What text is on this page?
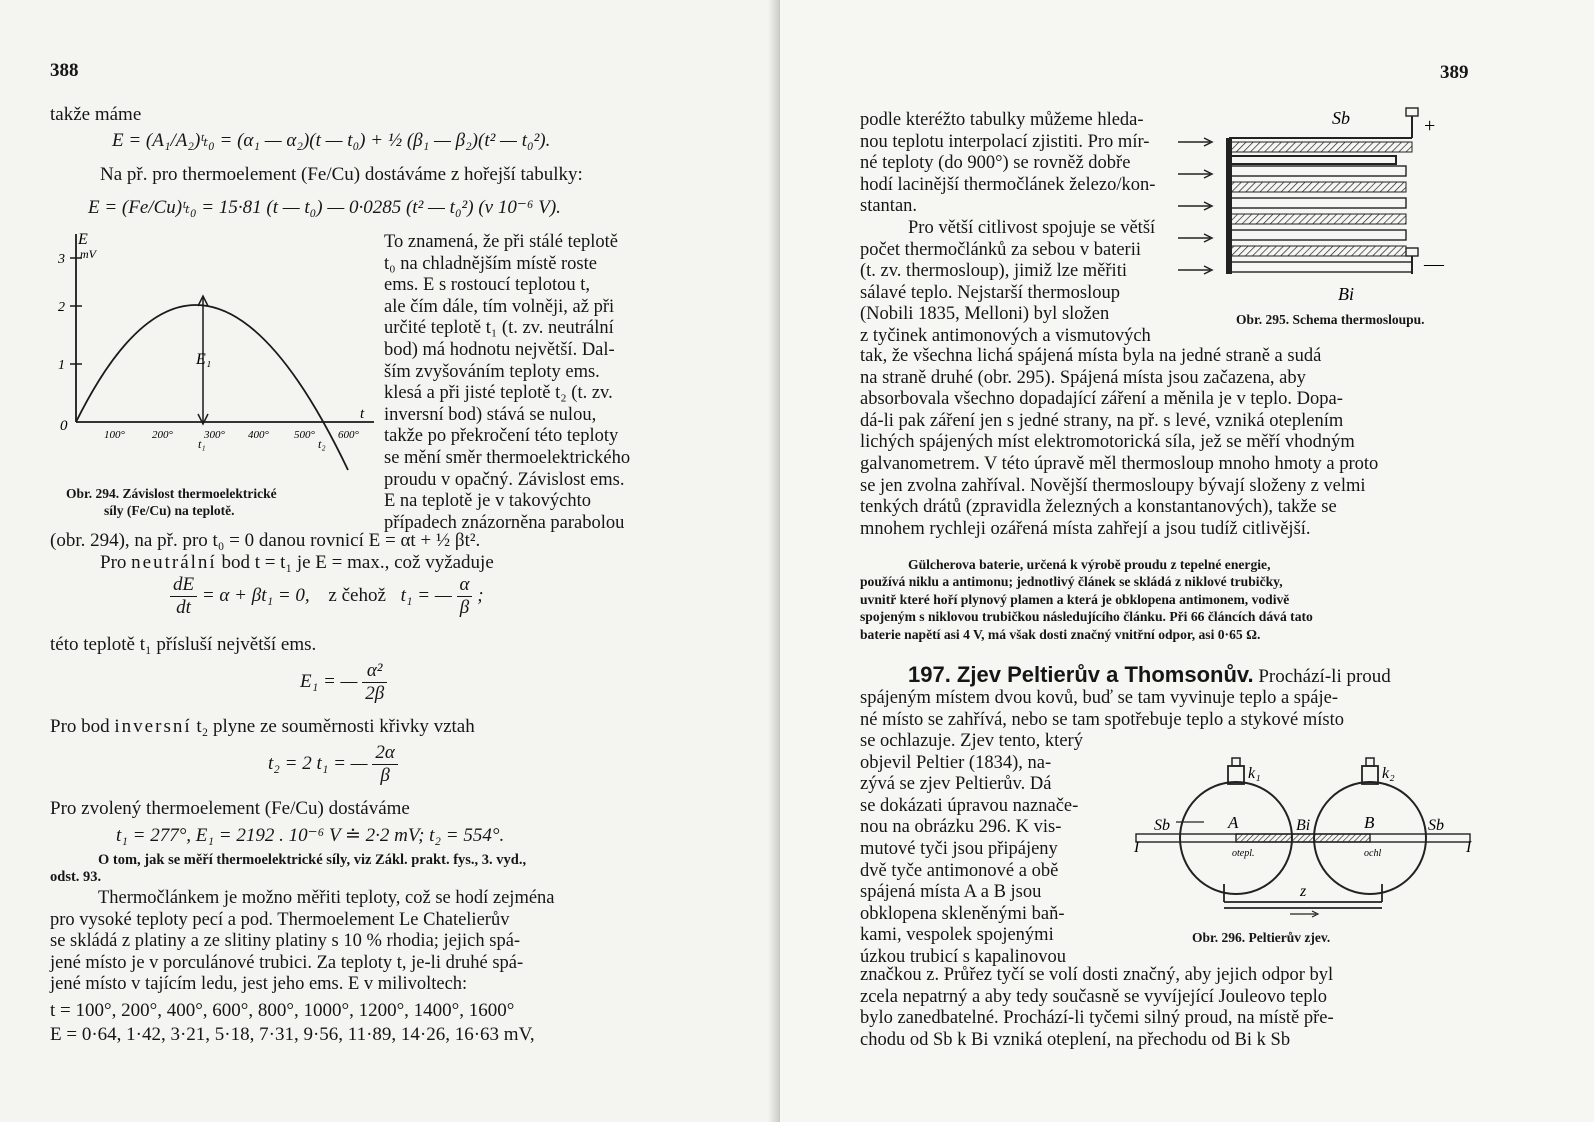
388
takže máme
E = (A₁/A₂)ᵗₜ₀ = (α₁ — α₂)(t — t₀) + ½ (β₁ — β₂)(t² — t₀²).
Na př. pro thermoelement (Fe/Cu) dostáváme z hořejší tabulky:
E = (Fe/Cu)ᵗₜ₀ = 15·81 (t — t₀) — 0·0285 (t² — t₀²) (v 10⁻⁶ V).
E
mV
3
2
1
0
E₁
100° 200°	300° 400° 500° 600°
t
t₁	t₂
Obr. 294. Závislost thermoelektrické
síly (Fe/Cu) na teplotě.
To znamená, že při stálé teplotě
t₀ na chladnějším místě roste
ems. E s rostoucí teplotou t,
ale čím dále, tím volněji, až při
určité teplotě t₁ (t. zv. neutrální
bod) má hodnotu největší. Dal-
ším zvyšováním teploty ems.
klesá a při jisté teplotě t₂ (t. zv.
inversní bod) stává se nulou,
takže po překročení této teploty
se mění směr thermoelektrického
proudu v opačný. Závislost ems.
E na teplotě je v takovýchto
případech znázorněna parabolou
(obr. 294), na př. pro t₀ = 0 danou rovnicí E = αt + ½ βt².
Pro neutrální bod t = t₁ je E = max., což vyžaduje
$\frac{dE}{dt} = \alpha + \beta t_1 = 0$, z čehož t₁ = — $\frac{\alpha}{\beta}$ ;
této teplotě t₁ přísluší největší ems.
E₁ = — $\frac{\text{α²}}{2\beta}$
Pro bod inversní t₂ plyne ze souměrnosti křivky vztah
t₂ = 2 t₁ = — $\frac{2\alpha}{\beta}$
Pro zvolený thermoelement (Fe/Cu) dostáváme
t₁ = 277°, E₁ = 2192 . 10⁻⁶ V ≐ 2·2 mV; t₂ = 554°.
O tom, jak se měří thermoelektrické síly, viz Zákl. prakt. fys., 3. vyd.,
odst. 93.
Thermočlánkem je možno měřiti teploty, což se hodí zejména
pro vysoké teploty pecí a pod. Thermoelement Le Chatelierův
se skládá z platiny a ze slitiny platiny s 10 % rhodia; jejich spá-
jené místo je v porculánové trubici. Za teploty t, je-li druhé spá-
jené místo v tajícím ledu, jest jeho ems. E v milivoltech:
t = 100°, 200°, 400°, 600°, 800°, 1000°, 1200°, 1400°, 1600°
E = 0·64, 1·42, 3·21, 5·18, 7·31, 9·56, 11·89, 14·26, 16·63 mV,
389
podle kteréžto tabulky můžeme hleda-
nou teplotu interpolací zjistiti. Pro mír-
né teploty (do 900°) se rovněž dobře
hodí lacinější thermočlánek železo/kon-
stantan.
Pro větší citlivost spojuje se větší
počet thermočlánků za sebou v baterii
(t. zv. thermosloup), jimiž lze měřiti
sálavé teplo. Nejstarší thermosloup
(Nobili 1835, Melloni) byl složen
z tyčinek antimonových a vismutových
Sb
Bi
+
—
Obr. 295. Schema thermosloupu.
tak, že všechna lichá spájená místa byla na jedné straně a sudá
na straně druhé (obr. 295). Spájená místa jsou začazena, aby
absorbovala všechno dopadající záření a měnila je v teplo. Dopa-
dá-li pak záření jen s jedné strany, na př. s levé, vzniká oteplením
lichých spájených míst elektromotorická síla, jež se měří vhodným
galvanometrem. V této úpravě měl thermosloup mnoho hmoty a proto
se jen zvolna zahříval. Novější thermosloupy bývají složeny z velmi
tenkých drátů (zpravidla železných a konstantanových), takže se
mnohem rychleji ozářená místa zahřejí a jsou tudíž citlivější.
Gülcherova baterie, určená k výrobě proudu z tepelné energie,
používá niklu a antimonu; jednotlivý článek se skládá z niklové trubičky,
uvnitř které hoří plynový plamen a která je obklopena antimonem, vodivě
spojeným s niklovou trubičkou následujícího článku. Při 66 článcích dává tato
baterie napětí asi 4 V, má však dosti značný vnitřní odpor, asi 0·65 Ω.
197. Zjev Peltierův a Thomsonův. Prochází-li proud
spájeným místem dvou kovů, buď se tam vyvinuje teplo a spáje-
né místo se zahřívá, nebo se tam spotřebuje teplo a stykové místo
se ochlazuje. Zjev tento, který
objevil Peltier (1834), na-
zývá se zjev Peltierův. Dá
se dokázati úpravou naznače-
nou na obrázku 296. K vis-
mutové tyči jsou připájeny
dvě tyče antimonové a obě
spájená místa A a B jsou
obklopena skleněnými baň-
kami, vespolek spojenými
úzkou trubicí s kapalinovou
k₁	k₂
A	B
Sb	Bi	Sb
otepl.	ochl
I	I
z
Obr. 296. Peltierův zjev.
značkou z. Průřez tyčí se volí dosti značný, aby jejich odpor byl
zcela nepatrný a aby tedy současně se vyvíjející Jouleovo teplo
bylo zanedbatelné. Prochází-li tyčemi silný proud, na místě pře-
chodu od Sb k Bi vzniká oteplení, na přechodu od Bi k Sb
